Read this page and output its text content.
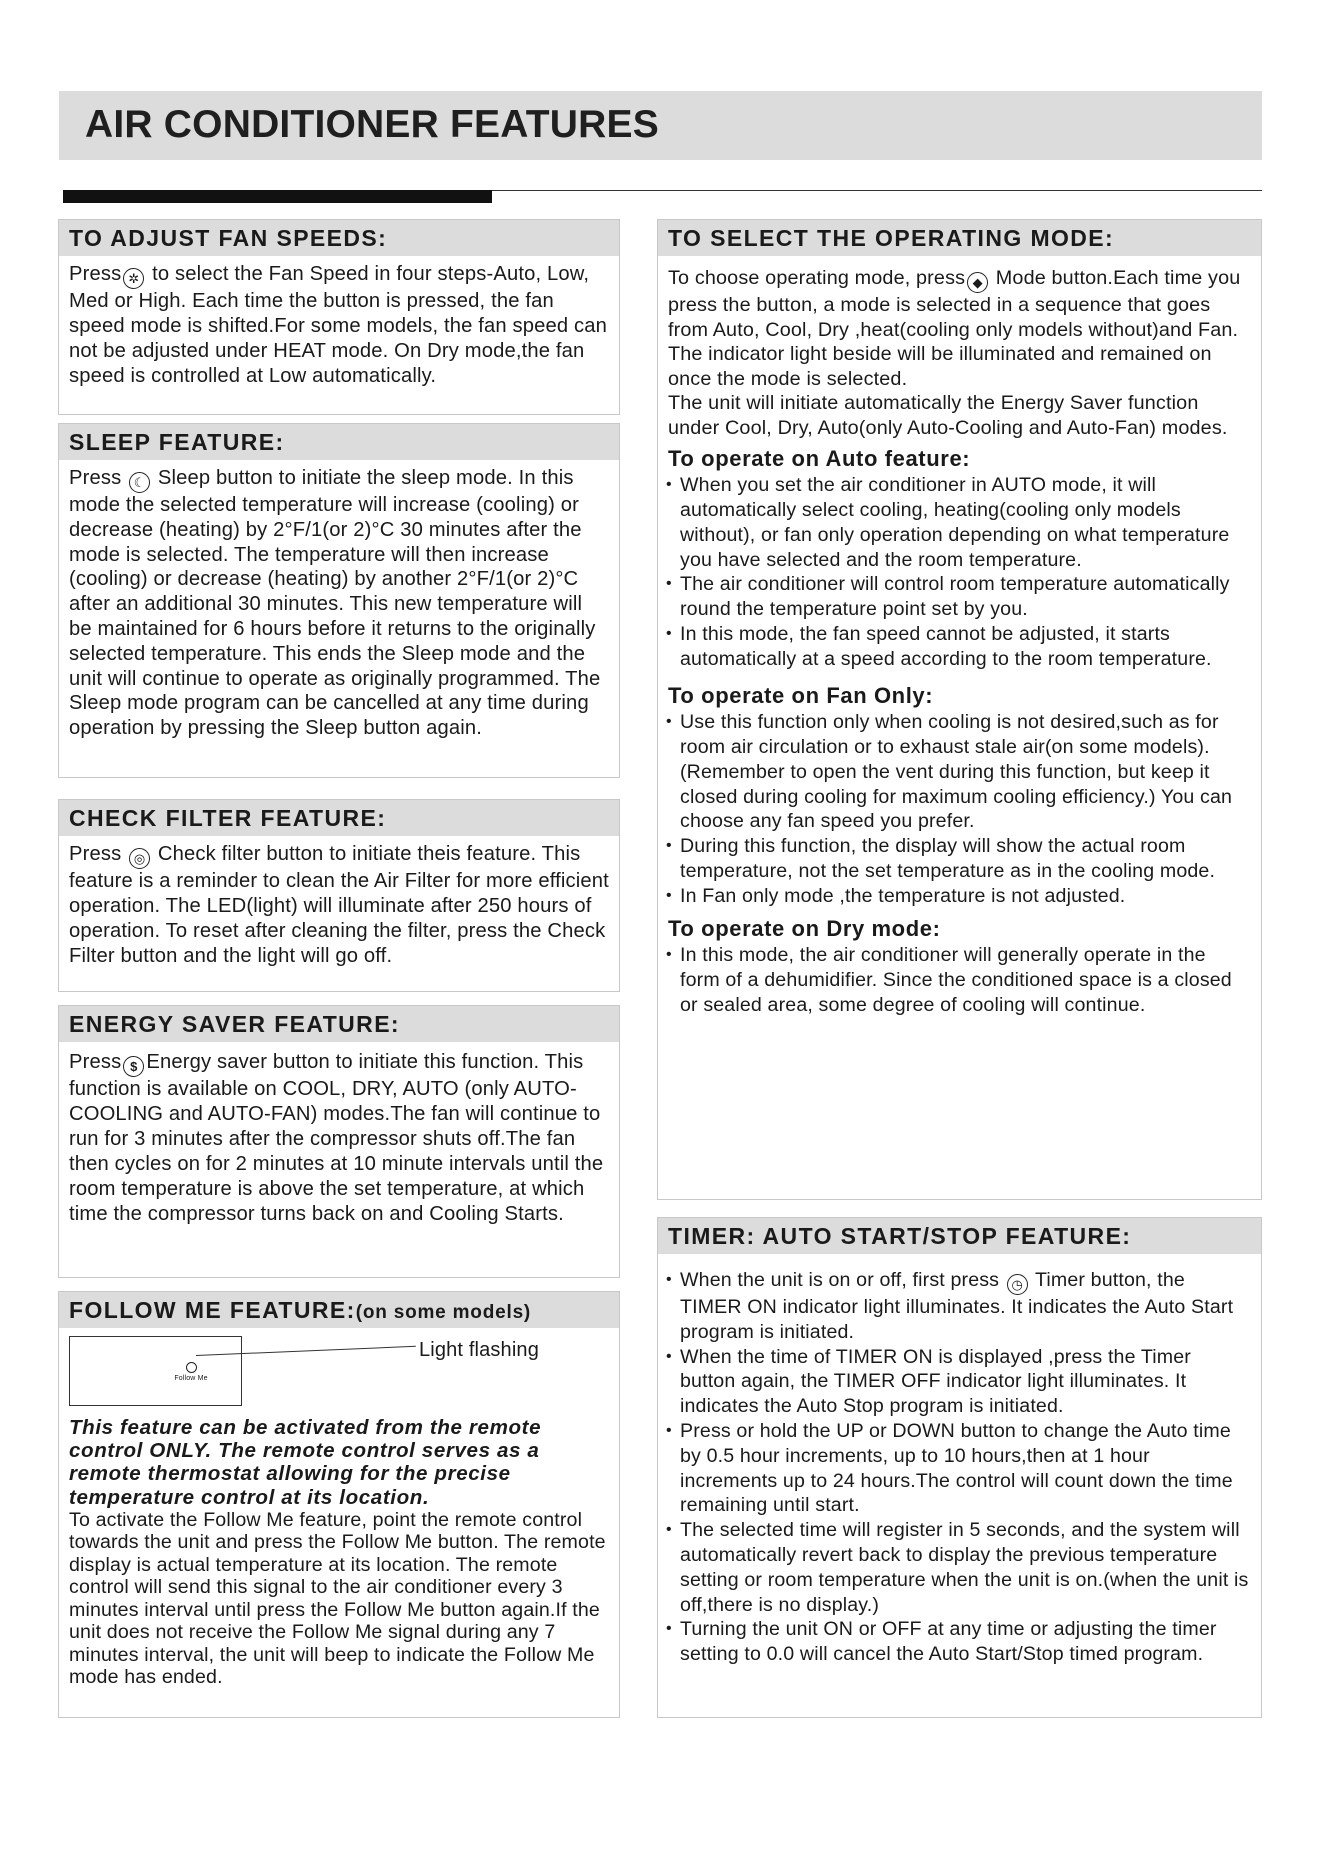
AIR CONDITIONER FEATURES
TO ADJUST FAN SPEEDS:

Press ✲ to select the Fan Speed in four steps-Auto, Low, Med or High. Each time the button is pressed, the fan speed mode is shifted.For some models, the fan speed can not be adjusted under HEAT mode. On Dry mode,the fan speed is controlled at Low automatically.

SLEEP FEATURE:

Press ☾ Sleep button to initiate the sleep mode. In this mode the selected temperature will increase (cooling) or decrease (heating) by 2°F/1(or 2)°C 30 minutes after the mode is selected. The temperature will then increase (cooling) or decrease (heating) by another 2°F/1(or 2)°C after an additional 30 minutes. This new temperature will be maintained for 6 hours before it returns to the originally selected temperature. This ends the Sleep mode and the unit will continue to operate as originally programmed. The Sleep mode program can be cancelled at any time during operation by pressing the Sleep button again.

CHECK FILTER FEATURE:

Press ◎ Check filter button to initiate theis feature. This feature is a reminder to clean the Air Filter for more efficient operation. The LED(light) will illuminate after 250 hours of operation. To reset after cleaning the filter, press the Check Filter button and the light will go off.

ENERGY SAVER FEATURE:

Press $ Energy saver button to initiate this function. This function is available on COOL, DRY, AUTO (only AUTO-COOLING and AUTO-FAN) modes.The fan will continue to run for 3 minutes after the compressor shuts off.The fan then cycles on for 2 minutes at 10 minute intervals until the room temperature is above the set temperature, at which time the compressor turns back on and Cooling Starts.

FOLLOW ME FEATURE:(on some models)
Follow Me
Light flashing

This feature can be activated from the remote control ONLY. The remote control serves as a remote thermostat allowing for the precise temperature control at its location.

To activate the Follow Me feature, point the remote control towards the unit and press the Follow Me button. The remote display is actual temperature at its location. The remote control will send this signal to the air conditioner every 3 minutes interval until press the Follow Me button again.If the unit does not receive the Follow Me signal during any 7 minutes interval, the unit will beep to indicate the Follow Me mode has ended.

TO SELECT THE OPERATING MODE:

To choose operating mode, press ◆ Mode button.Each time you press the button, a mode is selected in a sequence that goes from Auto, Cool, Dry ,heat(cooling only models without)and Fan. The indicator light beside will be illuminated and remained on once the mode is selected.

The unit will initiate automatically the Energy Saver function under Cool, Dry, Auto(only Auto-Cooling and Auto-Fan) modes.

To operate on Auto feature:
• When you set the air conditioner in AUTO mode, it will automatically select cooling, heating(cooling only models without), or fan only operation depending on what temperature you have selected and the room temperature.
• The air conditioner will control room temperature automatically round the temperature point set by you.
• In this mode, the fan speed cannot be adjusted, it starts automatically at a speed according to the room temperature.
To operate on Fan Only:
• Use this function only when cooling is not desired,such as for room air circulation or to exhaust stale air(on some models). (Remember to open the vent during this function, but keep it closed during cooling for maximum cooling efficiency.) You can choose any fan speed you prefer.
• During this function, the display will show the actual room temperature, not the set temperature as in the cooling mode.
• In Fan only mode ,the temperature is not adjusted.
To operate on Dry mode:
• In this mode, the air conditioner will generally operate in the form of a dehumidifier. Since the conditioned space is a closed or sealed area, some degree of cooling will continue.
TIMER: AUTO START/STOP FEATURE:
• When the unit is on or off, first press ◷ Timer button, the TIMER ON indicator light illuminates. It indicates the Auto Start program is initiated.
• When the time of TIMER ON is displayed ,press the Timer button again, the TIMER OFF indicator light illuminates. It indicates the Auto Stop program is initiated.
• Press or hold the UP or DOWN button to change the Auto time by 0.5 hour increments, up to 10 hours,then at 1 hour increments up to 24 hours.The control will count down the time remaining until start.
• The selected time will register in 5 seconds, and the system will automatically revert back to display the previous temperature setting or room temperature when the unit is on.(when the unit is off,there is no display.)
• Turning the unit ON or OFF at any time or adjusting the timer setting to 0.0 will cancel the Auto Start/Stop timed program.
